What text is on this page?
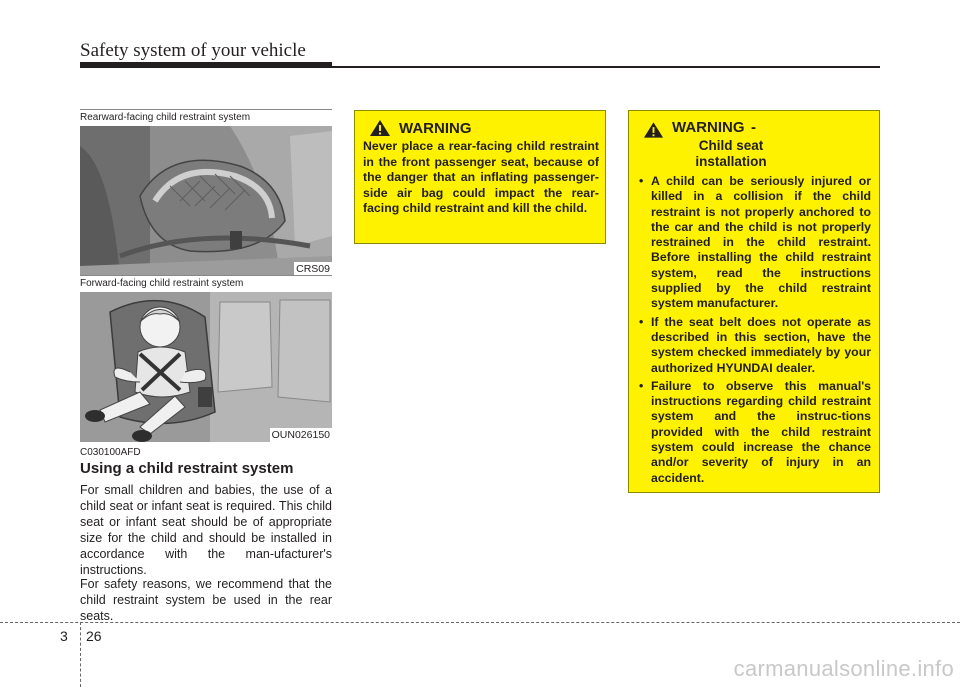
Safety system of your vehicle
Rearward-facing child restraint system
CRS09
Forward-facing child restraint system
OUN026150
C030100AFD
Using a child restraint system
For small children and babies, the use of a child seat or infant seat is required. This child seat or infant seat should be of appropriate size for the child and should be installed in accordance with the man-ufacturer's instructions.
For safety reasons, we recommend that the child restraint system be used in the rear seats.
WARNING
Never place a rear-facing child restraint in the front passenger seat, because of the danger that an inflating passenger-side air bag could impact the rear-facing child restraint and kill the child.
WARNING - Child seat installation
• A child can be seriously injured or killed in a collision if the child restraint is not properly anchored to the car and the child is not properly restrained in the child restraint. Before installing the child restraint system, read the instructions supplied by the child restraint system manufacturer.
• If the seat belt does not operate as described in this section, have the system checked immediately by your authorized HYUNDAI dealer.
• Failure to observe this manual's instructions regarding child restraint system and the instruc-tions provided with the child restraint system could increase the chance and/or severity of injury in an accident.
3 26
carmanualsonline.info
